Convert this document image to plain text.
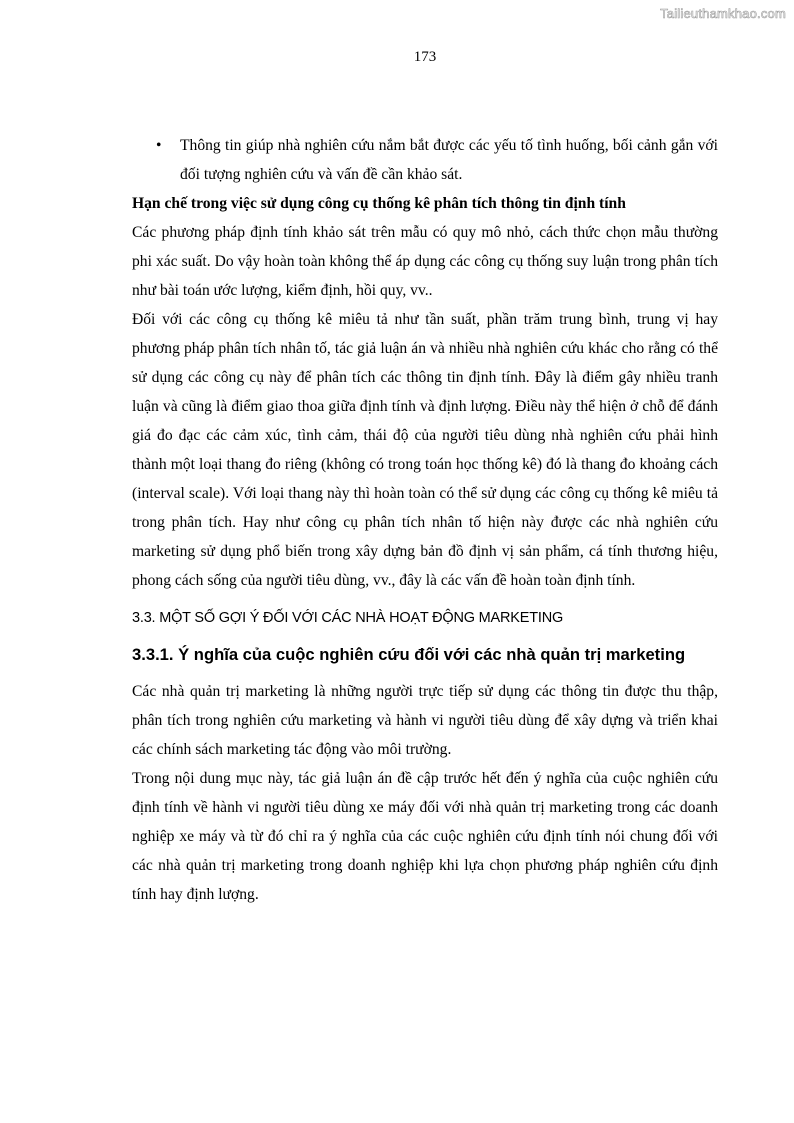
Tailieuthamkhao.com
173
• Thông tin giúp nhà nghiên cứu nắm bắt được các yếu tố tình huống, bối cảnh gắn với đối tượng nghiên cứu và vấn đề cần khảo sát.

Hạn chế trong việc sử dụng công cụ thống kê phân tích thông tin định tính

Các phương pháp định tính khảo sát trên mẫu có quy mô nhỏ, cách thức chọn mẫu thường phi xác suất. Do vậy hoàn toàn không thể áp dụng các công cụ thống suy luận trong phân tích như bài toán ước lượng, kiểm định, hồi quy, vv..

Đối với các công cụ thống kê miêu tả như tần suất, phần trăm trung bình, trung vị hay phương pháp phân tích nhân tố, tác giả luận án và nhiều nhà nghiên cứu khác cho rằng có thể sử dụng các công cụ này để phân tích các thông tin định tính. Đây là điểm gây nhiều tranh luận và cũng là điểm giao thoa giữa định tính và định lượng. Điều này thể hiện ở chỗ để đánh giá đo đạc các cảm xúc, tình cảm, thái độ của người tiêu dùng nhà nghiên cứu phải hình thành một loại thang đo riêng (không có trong toán học thống kê) đó là thang đo khoảng cách (interval scale). Với loại thang này thì hoàn toàn có thể sử dụng các công cụ thống kê miêu tả trong phân tích. Hay như công cụ phân tích nhân tố hiện này được các nhà nghiên cứu marketing sử dụng phổ biến trong xây dựng bản đồ định vị sản phẩm, cá tính thương hiệu, phong cách sống của người tiêu dùng, vv., đây là các vấn đề hoàn toàn định tính.

3.3. MỘT SỐ GỢI Ý ĐỐI VỚI CÁC NHÀ HOẠT ĐỘNG MARKETING

3.3.1. Ý nghĩa của cuộc nghiên cứu đối với các nhà quản trị marketing

Các nhà quản trị marketing là những người trực tiếp sử dụng các thông tin được thu thập, phân tích trong nghiên cứu marketing và hành vi người tiêu dùng để xây dựng và triển khai các chính sách marketing tác động vào môi trường.

Trong nội dung mục này, tác giả luận án đề cập trước hết đến ý nghĩa của cuộc nghiên cứu định tính về hành vi người tiêu dùng xe máy đối với nhà quản trị marketing trong các doanh nghiệp xe máy và từ đó chỉ ra ý nghĩa của các cuộc nghiên cứu định tính nói chung đối với các nhà quản trị marketing trong doanh nghiệp khi lựa chọn phương pháp nghiên cứu định tính hay định lượng.
